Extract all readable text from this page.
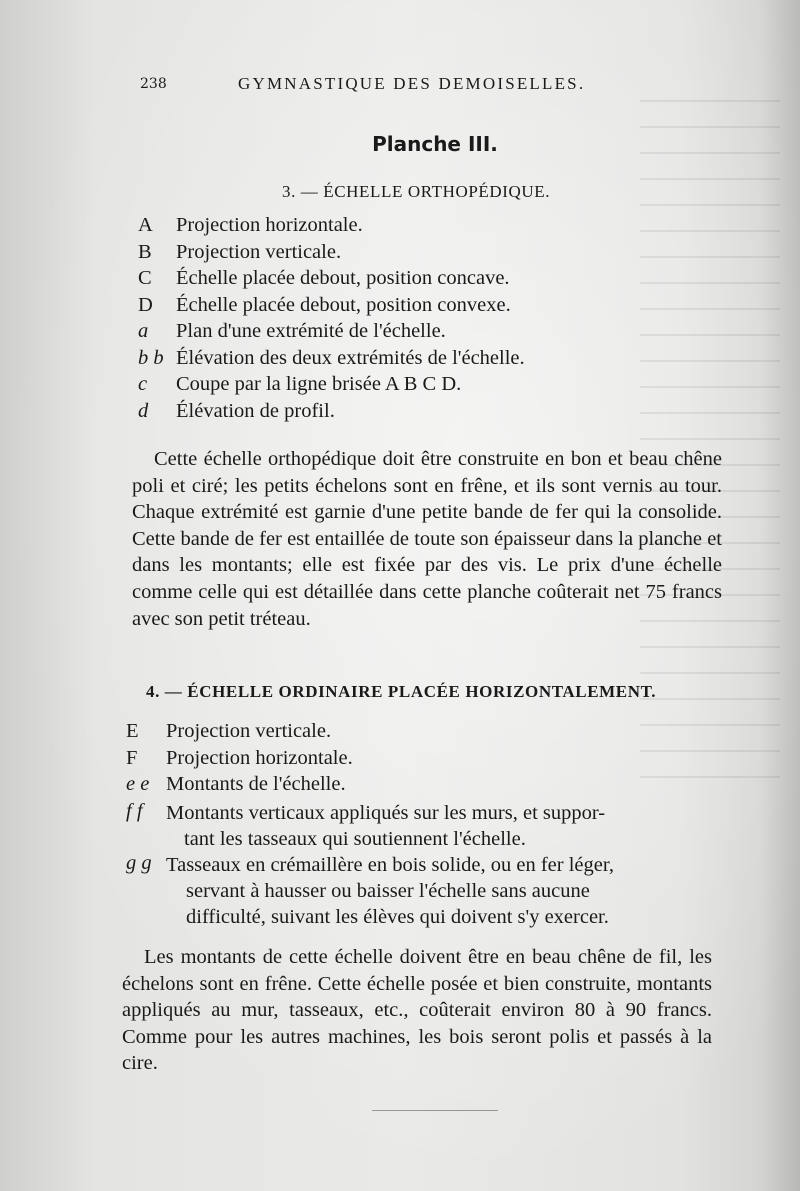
238	GYMNASTIQUE DES DEMOISELLES.
Planche III.
3. — ÉCHELLE ORTHOPÉDIQUE.
A Projection horizontale.
B Projection verticale.
C Échelle placée debout, position concave.
D Échelle placée debout, position convexe.
a Plan d'une extrémité de l'échelle.
b b Élévation des deux extrémités de l'échelle.
c Coupe par la ligne brisée A B C D.
d Élévation de profil.

Cette échelle orthopédique doit être construite en bon et beau chêne poli et ciré; les petits échelons sont en frêne, et ils sont vernis au tour. Chaque extrémité est garnie d'une petite bande de fer qui la consolide. Cette bande de fer est entaillée de toute son épaisseur dans la planche et dans les montants; elle est fixée par des vis. Le prix d'une échelle comme celle qui est détaillée dans cette planche coûterait net 75 francs avec son petit tréteau.

4. — ÉCHELLE ORDINAIRE PLACÉE HORIZONTALEMENT.
E Projection verticale.
F Projection horizontale.
e e Montants de l'échelle.
f f Montants verticaux appliqués sur les murs, et suppor-
tant les tasseaux qui soutiennent l'échelle.
g g Tasseaux en crémaillère en bois solide, ou en fer léger,
servant à hausser ou baisser l'échelle sans aucune
difficulté, suivant les élèves qui doivent s'y exercer.

Les montants de cette échelle doivent être en beau chêne de fil, les échelons sont en frêne. Cette échelle posée et bien construite, montants appliqués au mur, tasseaux, etc., coûterait environ 80 à 90 francs. Comme pour les autres machines, les bois seront polis et passés à la cire.
